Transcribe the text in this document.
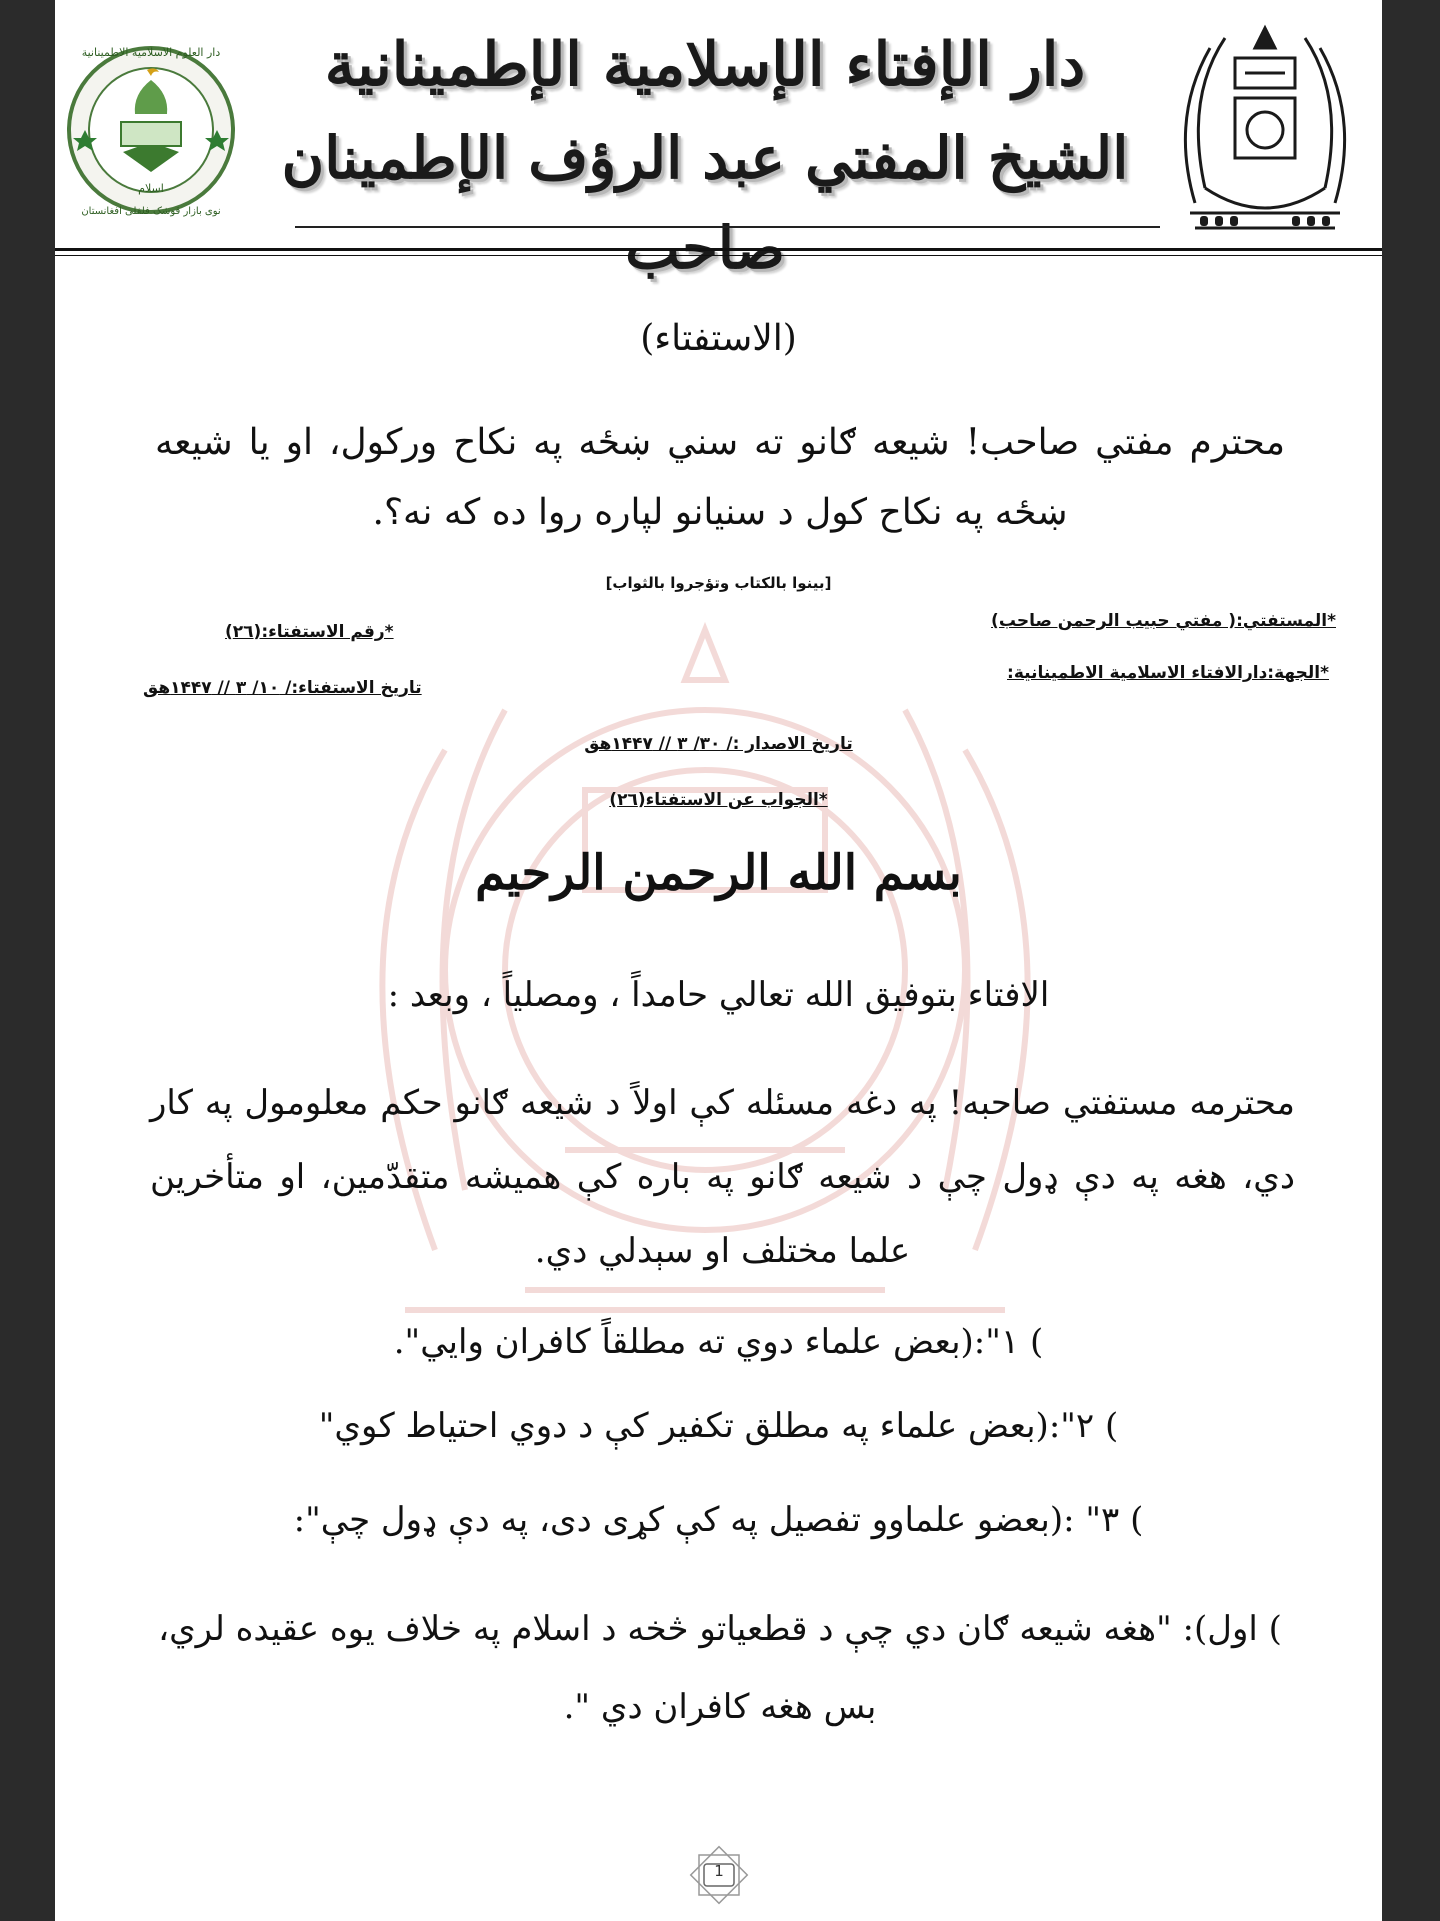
دار العلوم الاسلامية الاطمينانية
اسلام
نوی بازار قوشک فلفلی افغانستان
دار الإفتاء الإسلامية الإطمينانية
الشيخ المفتي عبد الرؤف الإطمينان صاحب
(الاستفتاء)
محترم مفتي صاحب! شیعه ګانو ته سني ښځه په نکاح ورکول، او یا شیعه ښځه په نکاح کول د سنیانو لپاره روا ده که نه؟.
[بینوا بالكتاب وتؤجروا بالثواب]
*المستفتي:( مفتي حبيب الرحمن صاحب)
*الجهة:دارالافتاء الاسلامية الاطمينانية:
*رقم الاستفتاء:(٢٦)
تاريخ الاستفتاء:/ ١٠/ ٣ // ١۴۴٧هق
تاريخ الاصدار :/ ٣٠/ ٣ // ١۴۴٧هق
*الجواب عن الاستفتاء(٢٦)
بسم الله الرحمن الرحيم
الافتاء بتوفيق الله تعالي حامداً ، ومصلياً ، وبعد :
محترمه مستفتي صاحبه! په دغه مسئله کې اولاً د شیعه ګانو حکم معلومول په کار دي، هغه په دې ډول چې د شیعه ګانو په باره کې همیشه متقدّمین، او متأخرین علما مختلف او سېدلي دي.
) ١":(بعض علماء دوي ته مطلقاً کافران وایي".
) ٢":(بعض علماء په مطلق تکفیر کې د دوي احتیاط کوي"
) ٣" :(بعضو علماوو تفصیل په کې کړی دی، په دې ډول چې":
) اول): "هغه شیعه ګان دي چې د قطعیاتو څخه د اسلام په خلاف یوه عقیده لري، بس هغه کافران دي ".
1
